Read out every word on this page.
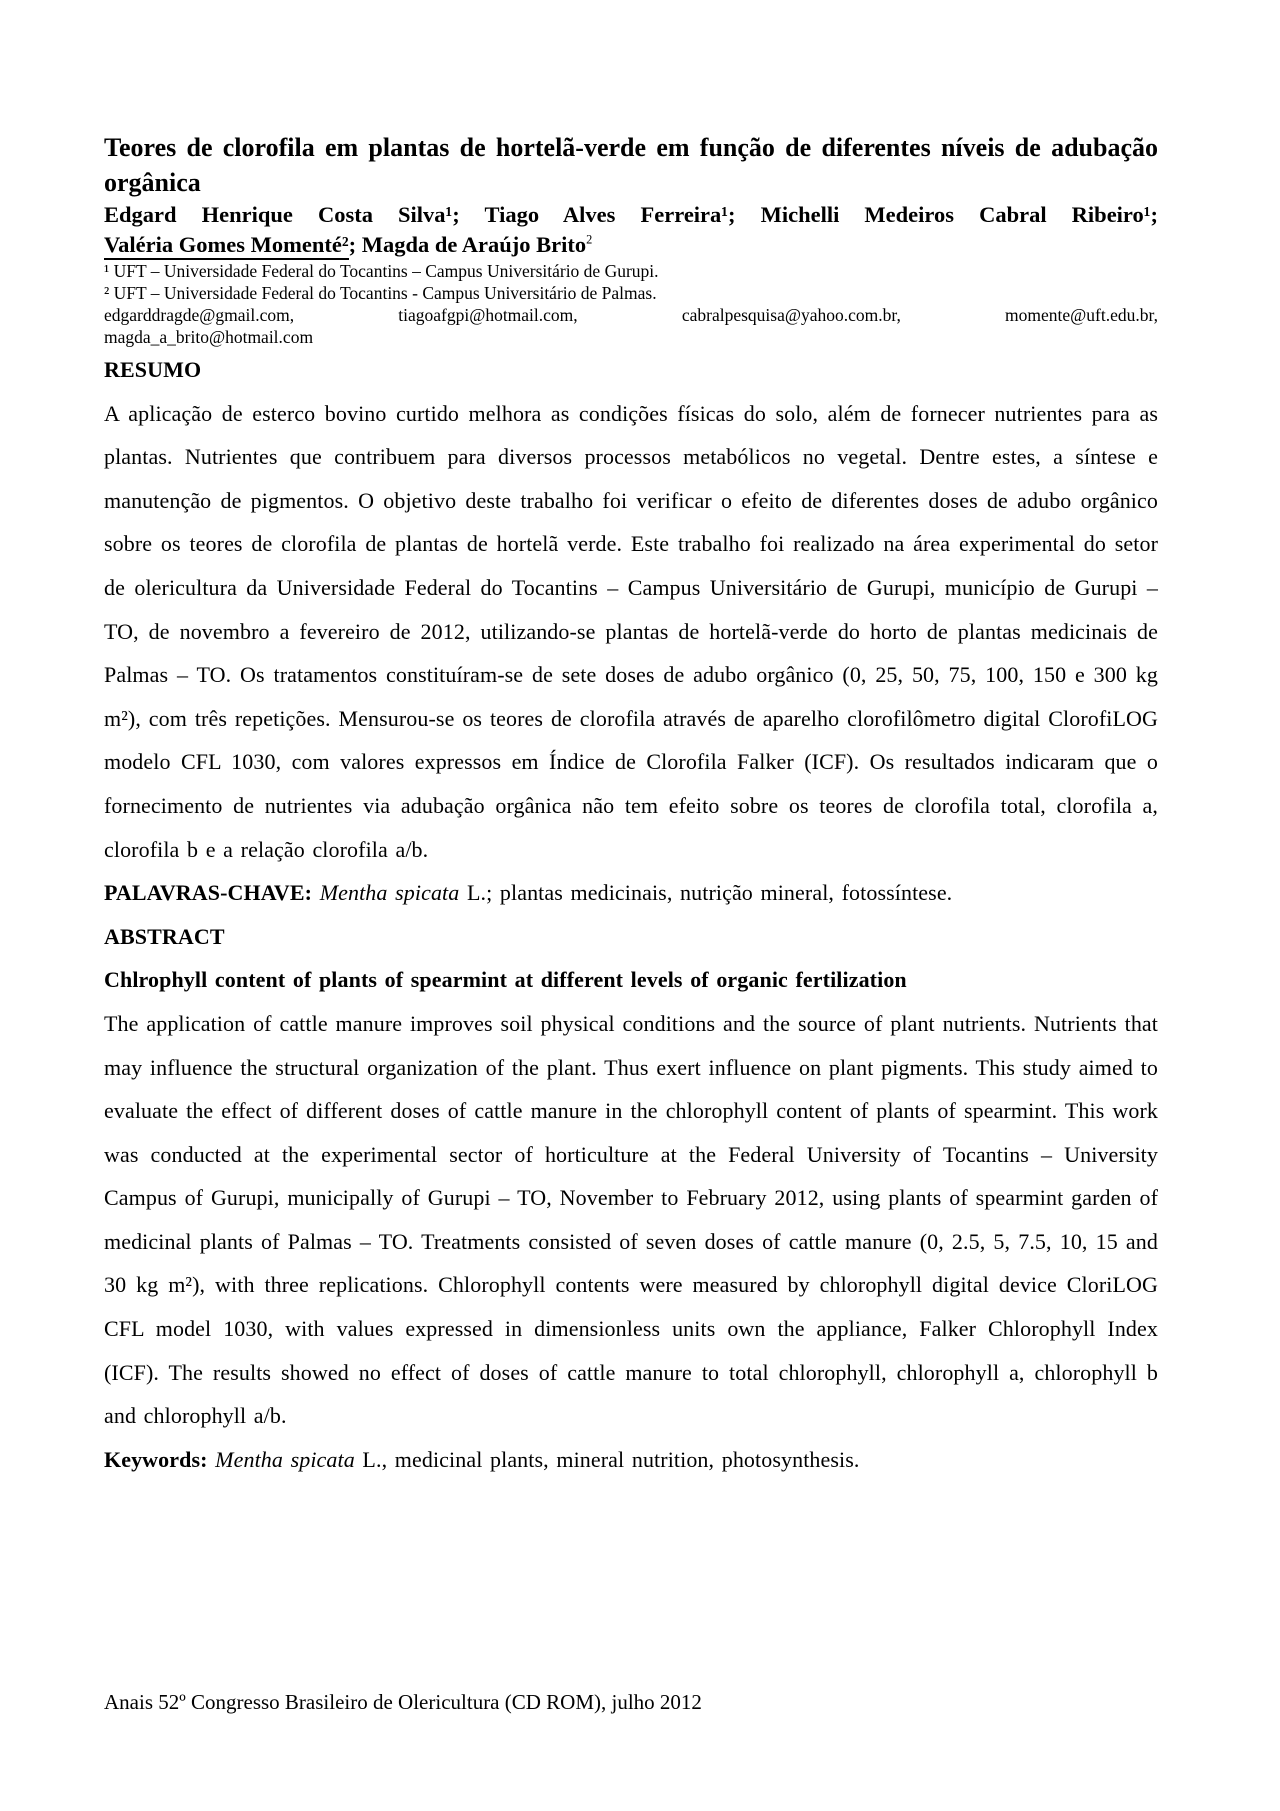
Teores de clorofila em plantas de hortelã-verde em função de diferentes níveis de adubação orgânica
Edgard Henrique Costa Silva¹; Tiago Alves Ferreira¹; Michelli Medeiros Cabral Ribeiro¹;
Valéria Gomes Momenté²; Magda de Araújo Brito$^2$
¹ UFT – Universidade Federal do Tocantins – Campus Universitário de Gurupi.
² UFT – Universidade Federal do Tocantins - Campus Universitário de Palmas.
edgarddragde@gmail.com, tiagoafgpi@hotmail.com, cabralpesquisa@yahoo.com.br, momente@uft.edu.br,
magda_a_brito@hotmail.com
RESUMO

A aplicação de esterco bovino curtido melhora as condições físicas do solo, além de fornecer nutrientes para as plantas. Nutrientes que contribuem para diversos processos metabólicos no vegetal. Dentre estes, a síntese e manutenção de pigmentos. O objetivo deste trabalho foi verificar o efeito de diferentes doses de adubo orgânico sobre os teores de clorofila de plantas de hortelã verde. Este trabalho foi realizado na área experimental do setor de olericultura da Universidade Federal do Tocantins – Campus Universitário de Gurupi, município de Gurupi – TO, de novembro a fevereiro de 2012, utilizando-se plantas de hortelã-verde do horto de plantas medicinais de Palmas – TO. Os tratamentos constituíram-se de sete doses de adubo orgânico (0, 25, 50, 75, 100, 150 e 300 kg m²), com três repetições. Mensurou-se os teores de clorofila através de aparelho clorofilômetro digital ClorofiLOG modelo CFL 1030, com valores expressos em Índice de Clorofila Falker (ICF). Os resultados indicaram que o fornecimento de nutrientes via adubação orgânica não tem efeito sobre os teores de clorofila total, clorofila a, clorofila b e a relação clorofila a/b.

PALAVRAS-CHAVE: Mentha spicata L.; plantas medicinais, nutrição mineral, fotossíntese.
ABSTRACT
Chlrophyll content of plants of spearmint at different levels of organic fertilization

The application of cattle manure improves soil physical conditions and the source of plant nutrients. Nutrients that may influence the structural organization of the plant. Thus exert influence on plant pigments. This study aimed to evaluate the effect of different doses of cattle manure in the chlorophyll content of plants of spearmint. This work was conducted at the experimental sector of horticulture at the Federal University of Tocantins – University Campus of Gurupi, municipally of Gurupi – TO, November to February 2012, using plants of spearmint garden of medicinal plants of Palmas – TO. Treatments consisted of seven doses of cattle manure (0, 2.5, 5, 7.5, 10, 15 and 30 kg m²), with three replications. Chlorophyll contents were measured by chlorophyll digital device CloriLOG CFL model 1030, with values expressed in dimensionless units own the appliance, Falker Chlorophyll Index (ICF). The results showed no effect of doses of cattle manure to total chlorophyll, chlorophyll a, chlorophyll b and chlorophyll a/b.

Keywords: Mentha spicata L., medicinal plants, mineral nutrition, photosynthesis.
Anais 52º Congresso Brasileiro de Olericultura (CD ROM), julho 2012
